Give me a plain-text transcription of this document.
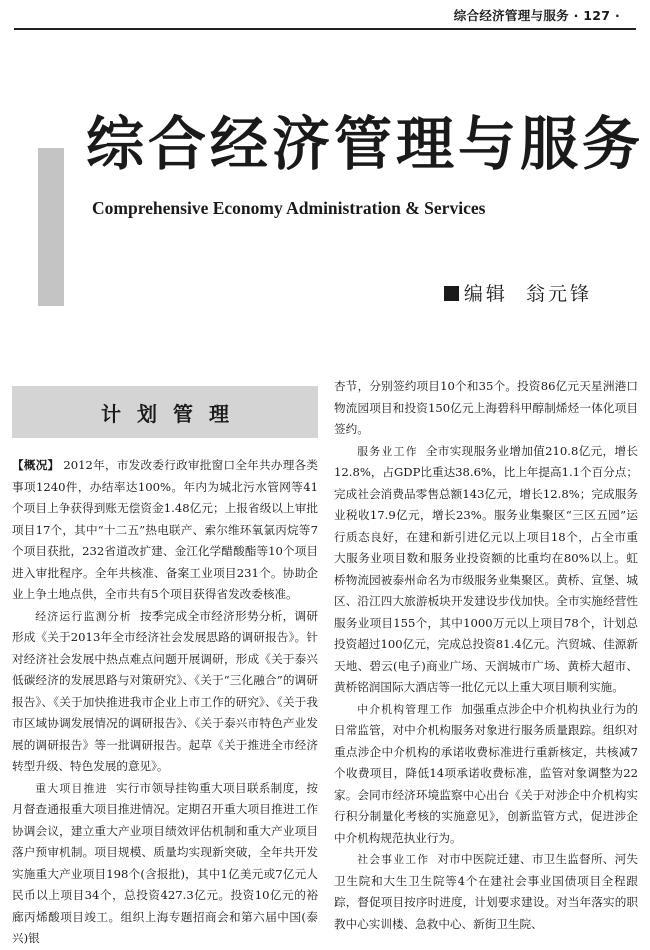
综合经济管理与服务 · 127 ·
综合经济管理与服务
Comprehensive Economy Administration & Services
编辑 翁元锋
计划管理

【概况】 2012年，市发改委行政审批窗口全年共办理各类事项1240件，办结率达100%。年内为城北污水管网等41个项目上争获得到账无偿资金1.48亿元；上报省级以上审批项目17个，其中“十二五”热电联产、索尔维环氧氯丙烷等7个项目获批，232省道改扩建、金江化学醋酸酯等10个项目进入审批程序。全年共核准、备案工业项目231个。协助企业上争土地点供，全市共有5个项目获得省发改委核准。

经济运行监测分析 按季完成全市经济形势分析，调研形成《关于2013年全市经济社会发展思路的调研报告》。针对经济社会发展中热点难点问题开展调研，形成《关于泰兴低碳经济的发展思路与对策研究》、《关于“三化融合”的调研报告》、《关于加快推进我市企业上市工作的研究》、《关于我市区域协调发展情况的调研报告》、《关于泰兴市特色产业发展的调研报告》等一批调研报告。起草《关于推进全市经济转型升级、特色发展的意见》。

重大项目推进 实行市领导挂钩重大项目联系制度，按月督查通报重大项目推进情况。定期召开重大项目推进工作协调会议，建立重大产业项目绩效评估机制和重大产业项目落户预审机制。项目规模、质量均实现新突破，全年共开发实施重大产业项目198个(含报批)，其中1亿美元或7亿元人民币以上项目34个，总投资427.3亿元。投资10亿元的裕廊丙烯酸项目竣工。组织上海专题招商会和第六届中国(泰兴)银

杏节，分别签约项目10个和35个。投资86亿元天星洲港口物流园项目和投资150亿元上海碧科甲醇制烯烃一体化项目签约。

服务业工作 全市实现服务业增加值210.8亿元，增长12.8%，占GDP比重达38.6%，比上年提高1.1个百分点；完成社会消费品零售总额143亿元，增长12.8%；完成服务业税收17.9亿元，增长23%。服务业集聚区“三区五园”运行质态良好，在建和新引进亿元以上项目18个，占全市重大服务业项目数和服务业投资额的比重均在80%以上。虹桥物流园被泰州命名为市级服务业集聚区。黄桥、宣堡、城区、沿江四大旅游板块开发建设步伐加快。全市实施经营性服务业项目155个，其中1000万元以上项目78个，计划总投资超过100亿元，完成总投资81.4亿元。汽贸城、佳源新天地、碧云(电子)商业广场、天润城市广场、黄桥大超市、黄桥铭润国际大酒店等一批亿元以上重大项目顺利实施。

中介机构管理工作 加强重点涉企中介机构执业行为的日常监管，对中介机构服务对象进行服务质量跟踪。组织对重点涉企中介机构的承诺收费标准进行重新核定，共核减7个收费项目，降低14项承诺收费标准，监管对象调整为22家。会同市经济环境监察中心出台《关于对涉企中介机构实行积分制量化考核的实施意见》，创新监管方式，促进涉企中介机构规范执业行为。

社会事业工作 对市中医院迁建、市卫生监督所、河失卫生院和大生卫生院等4个在建社会事业国债项目全程跟踪，督促项目按序时进度，计划要求建设。对当年落实的职教中心实训楼、急救中心、新街卫生院、
